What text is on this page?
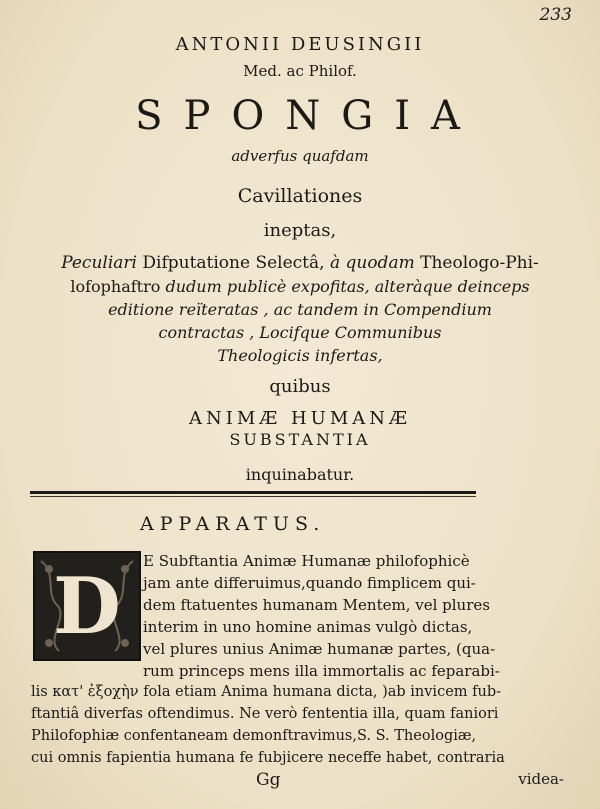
233
ANTONII DEUSINGII
Med. ac Philof.
SPONGIA
adverfus quafdam
Cavillationes
ineptas,
Peculiari Difputatione Selectâ, à quodam Theologo-Phi-
lofophaftro dudum publicè expofitas, alteràque deinceps
editione reïteratas , ac tandem in Compendium
contractas , Locifque Communibus
Theologicis infertas,
quibus
ANIMÆ HUMANÆ
SUBSTANTIA
inquinabatur.
APPARATUS.
D E Subftantia Animæ Humanæ philofophicè
jam ante differuimus,quando fimplicem qui-
dem ftatuentes humanam Mentem, vel plures
interim in uno homine animas vulgò dictas,
vel plures unius Animæ humanæ partes, (qua-
rum princeps mens illa immortalis ac feparabi-
lis κατ' ἐξοχὴν fola etiam Anima humana dicta, )ab invicem fub-
ftantiâ diverfas oftendimus. Ne verò fententia illa, quam faniori
Philofophiæ confentaneam demonftravimus,S. S. Theologiæ,
cui omnis fapientia humana fe fubjicere neceffe habet, contraria
Gg	videa-
